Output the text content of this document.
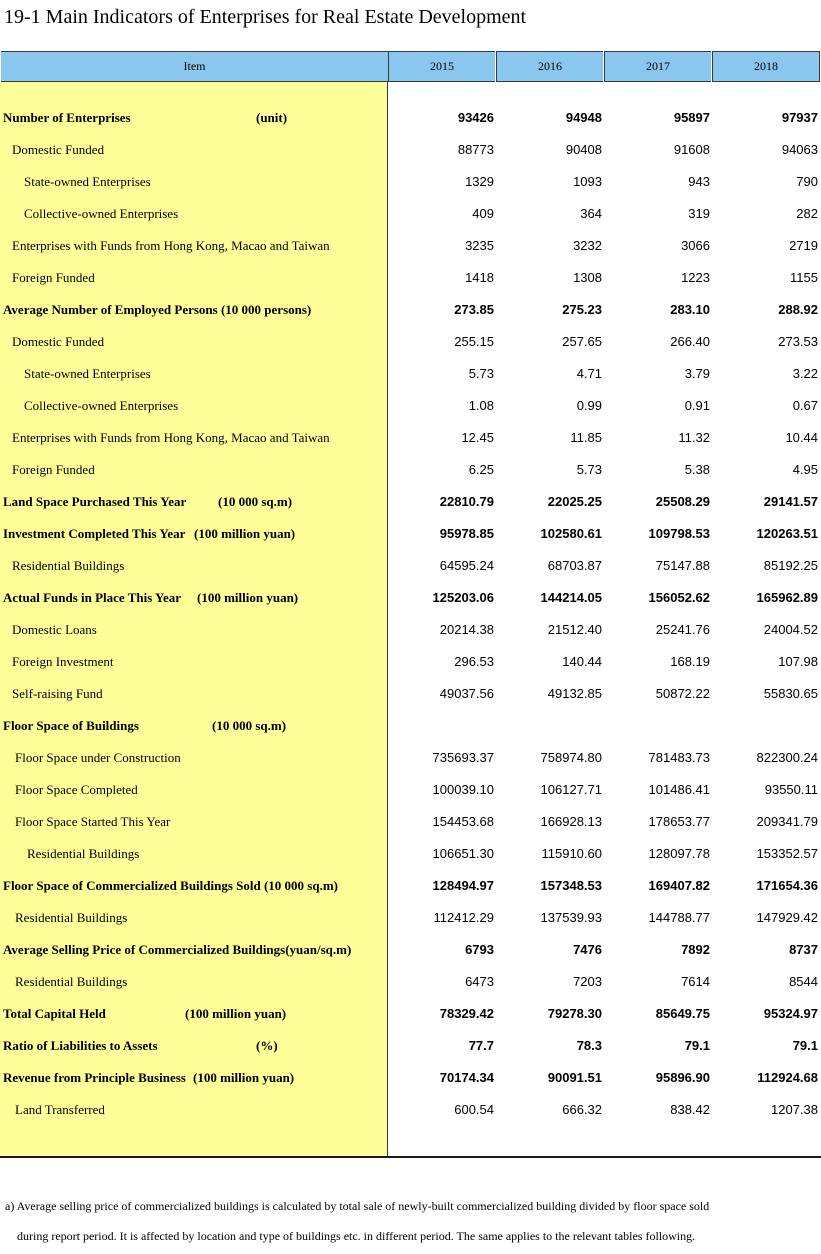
19-1 Main Indicators of Enterprises for Real Estate Development
Item	2015	2016	2017	2018
Number of Enterprises	(unit)	93426	94948	95897	97937
Domestic Funded	88773	90408	91608	94063
State-owned Enterprises	1329	1093	943	790
Collective-owned Enterprises	409	364	319	282
Enterprises with Funds from Hong Kong, Macao and Taiwan	3235	3232	3066	2719
Foreign Funded	1418	1308	1223	1155
Average Number of Employed Persons (10 000 persons)	273.85	275.23	283.10	288.92
Domestic Funded	255.15	257.65	266.40	273.53
State-owned Enterprises	5.73	4.71	3.79	3.22
Collective-owned Enterprises	1.08	0.99	0.91	0.67
Enterprises with Funds from Hong Kong, Macao and Taiwan	12.45	11.85	11.32	10.44
Foreign Funded	6.25	5.73	5.38	4.95
Land Space Purchased This Year (10 000 sq.m)	22810.79	22025.25	25508.29	29141.57
Investment Completed This Year (100 million yuan)	95978.85	102580.61	109798.53	120263.51
Residential Buildings	64595.24	68703.87	75147.88	85192.25
Actual Funds in Place This Year (100 million yuan)	125203.06	144214.05	156052.62	165962.89
Domestic Loans	20214.38	21512.40	25241.76	24004.52
Foreign Investment	296.53	140.44	168.19	107.98
Self-raising Fund	49037.56	49132.85	50872.22	55830.65
Floor Space of Buildings	(10 000 sq.m)
Floor Space under Construction	735693.37	758974.80	781483.73	822300.24
Floor Space Completed	100039.10	106127.71	101486.41	93550.11
Floor Space Started This Year	154453.68	166928.13	178653.77	209341.79
Residential Buildings	106651.30	115910.60	128097.78	153352.57
Floor Space of Commercialized Buildings Sold (10 000 sq.m)	128494.97	157348.53	169407.82	171654.36
Residential Buildings	112412.29	137539.93	144788.77	147929.42
Average Selling Price of Commercialized Buildings(yuan/sq.m)	6793	7476	7892	8737
Residential Buildings	6473	7203	7614	8544
Total Capital Held	(100 million yuan)	78329.42	79278.30	85649.75	95324.97
Ratio of Liabilities to Assets	(%)	77.7	78.3	79.1	79.1
Revenue from Principle Business (100 million yuan)	70174.34	90091.51	95896.90	112924.68
Land Transferred	600.54	666.32	838.42	1207.38
a) Average selling price of commercialized buildings is calculated by total sale of newly-built commercialized building divided by floor space sold
during report period. It is affected by location and type of buildings etc. in different period. The same applies to the relevant tables following.
